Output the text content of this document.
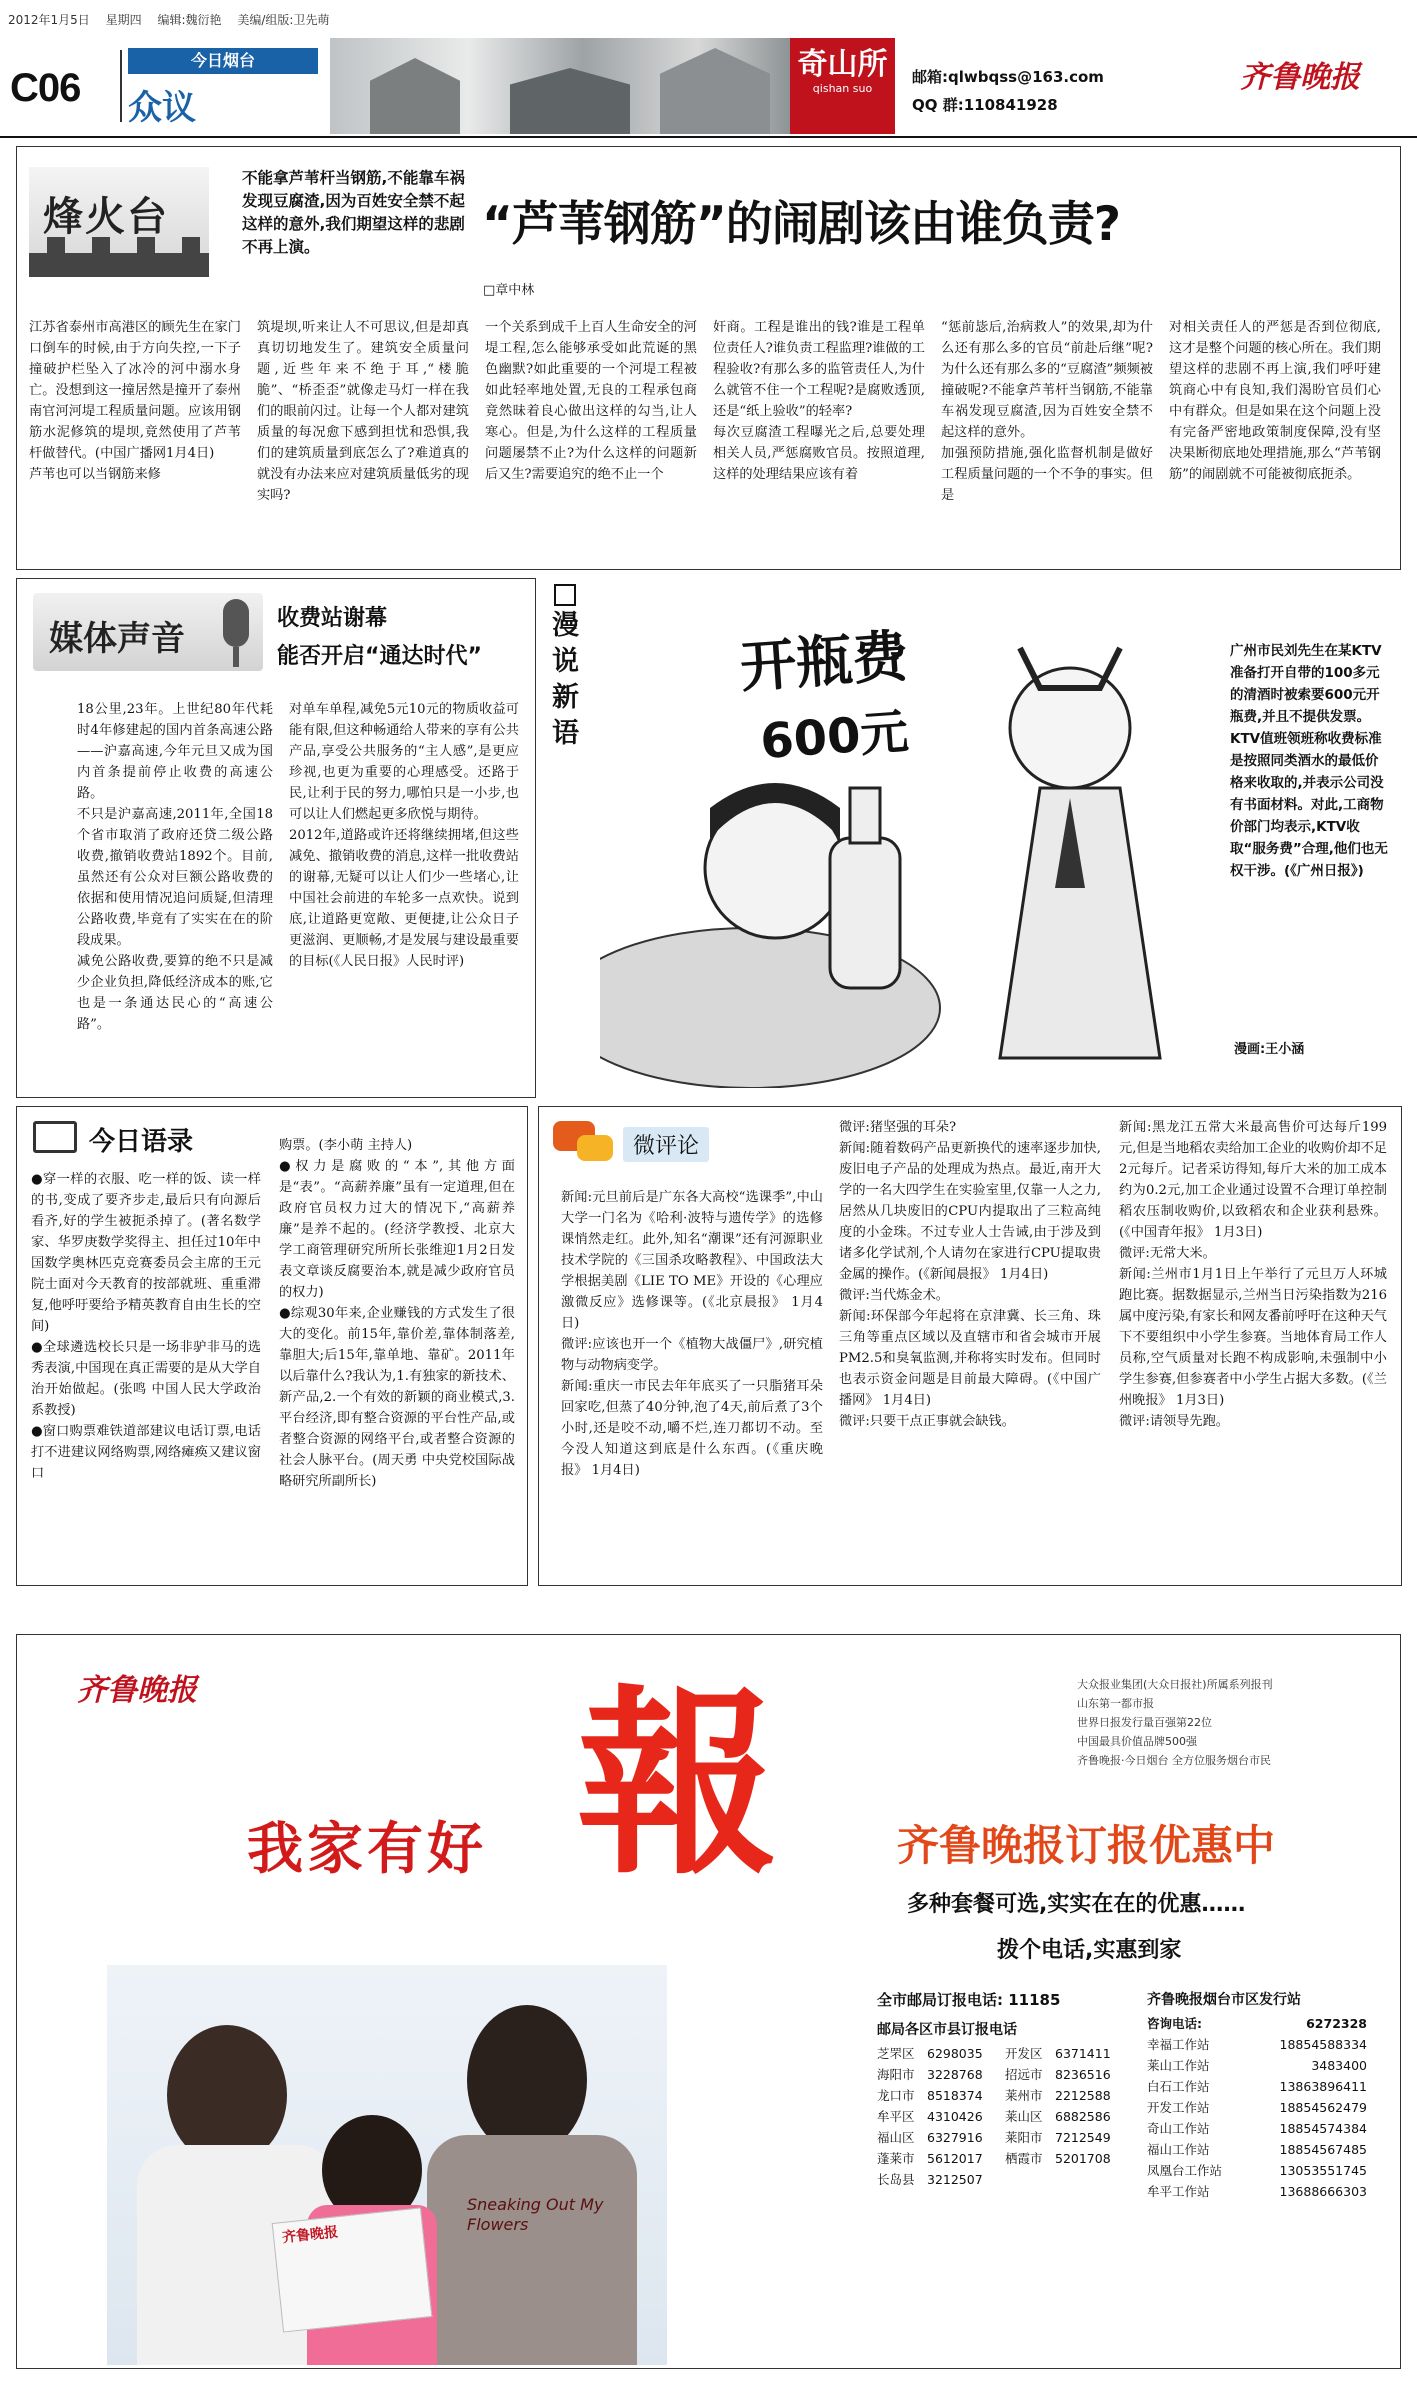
2012年1月5日 星期四 编辑:魏衍艳 美编/组版:卫先萌
C06
今日烟台
众议
奇山所
qishan suo
邮箱:qlwbqss@163.com
QQ 群:110841928
齐鲁晚报
烽火台
不能拿芦苇杆当钢筋,不能靠车祸发现豆腐渣,因为百姓安全禁不起这样的意外,我们期望这样的悲剧不再上演。	“芦苇钢筋”的闹剧该由谁负责?
□章中林
江苏省泰州市高港区的顾先生在家门口倒车的时候,由于方向失控,一下子撞破护栏坠入了冰冷的河中溺水身亡。没想到这一撞居然是撞开了泰州南官河河堤工程质量问题。应该用钢筋水泥修筑的堤坝,竟然使用了芦苇杆做替代。(中国广播网1月4日)
芦苇也可以当钢筋来修
筑堤坝,听来让人不可思议,但是却真真切切地发生了。建筑安全质量问题,近些年来不绝于耳,“楼脆脆”、“桥歪歪”就像走马灯一样在我们的眼前闪过。让每一个人都对建筑质量的每况愈下感到担忧和恐惧,我们的建筑质量到底怎么了?难道真的就没有办法来应对建筑质量低劣的现实吗?
一个关系到成千上百人生命安全的河堤工程,怎么能够承受如此荒诞的黑色幽默?如此重要的一个河堤工程被如此轻率地处置,无良的工程承包商竟然昧着良心做出这样的勾当,让人寒心。但是,为什么这样的工程质量问题屡禁不止?为什么这样的问题新后又生?需要追究的绝不止一个
奸商。工程是谁出的钱?谁是工程单位责任人?谁负责工程监理?谁做的工程验收?有那么多的监管责任人,为什么就管不住一个工程呢?是腐败透顶,还是“纸上验收”的轻率?
每次豆腐渣工程曝光之后,总要处理相关人员,严惩腐败官员。按照道理,这样的处理结果应该有着
“惩前毖后,治病救人”的效果,却为什么还有那么多的官员“前赴后继”呢?为什么还有那么多的“豆腐渣”频频被撞破呢?不能拿芦苇杆当钢筋,不能靠车祸发现豆腐渣,因为百姓安全禁不起这样的意外。
加强预防措施,强化监督机制是做好工程质量问题的一个不争的事实。但是
对相关责任人的严惩是否到位彻底,这才是整个问题的核心所在。我们期望这样的悲剧不再上演,我们呼吁建筑商心中有良知,我们渴盼官员们心中有群众。但是如果在这个问题上没有完备严密地政策制度保障,没有坚决果断彻底地处理措施,那么“芦苇钢筋”的闹剧就不可能被彻底扼杀。
媒体声音
收费站谢幕
能否开启“通达时代”
18公里,23年。上世纪80年代耗时4年修建起的国内首条高速公路——沪嘉高速,今年元旦又成为国内首条提前停止收费的高速公路。
不只是沪嘉高速,2011年,全国18个省市取消了政府还贷二级公路收费,撤销收费站1892个。目前,虽然还有公众对巨额公路收费的依据和使用情况追问质疑,但清理公路收费,毕竟有了实实在在的阶段成果。
减免公路收费,要算的绝不只是减少企业负担,降低经济成本的账,它也是一条通达民心的“高速公路”。
对单车单程,减免5元10元的物质收益可能有限,但这种畅通给人带来的享有公共产品,享受公共服务的“主人感”,是更应珍视,也更为重要的心理感受。还路于民,让利于民的努力,哪怕只是一小步,也可以让人们燃起更多欣悦与期待。
2012年,道路或许还将继续拥堵,但这些减免、撤销收费的消息,这样一批收费站的谢幕,无疑可以让人们少一些堵心,让中国社会前进的车轮多一点欢快。说到底,让道路更宽敞、更便捷,让公众日子更滋润、更顺畅,才是发展与建设最重要的目标(《人民日报》人民时评)
漫说新语
开瓶费
600元
广州市民刘先生在某KTV准备打开自带的100多元的清酒时被索要600元开瓶费,并且不提供发票。KTV值班领班称收费标准是按照同类酒水的最低价格来收取的,并表示公司没有书面材料。对此,工商物价部门均表示,KTV收取“服务费”合理,他们也无权干涉。(《广州日报》)
漫画:王小涵
今日语录
●穿一样的衣服、吃一样的饭、读一样的书,变成了要齐步走,最后只有向源后看齐,好的学生被扼杀掉了。(著名数学家、华罗庚数学奖得主、担任过10年中国数学奥林匹克竞赛委员会主席的王元院士面对今天教育的按部就班、重重滞复,他呼吁要给予精英教育自由生长的空间)
●全球遴选校长只是一场非驴非马的选秀表演,中国现在真正需要的是从大学自治开始做起。(张鸣 中国人民大学政治系教授)
●窗口购票难铁道部建议电话订票,电话打不进建议网络购票,网络瘫痪又建议窗口
购票。(李小萌 主持人)
●权力是腐败的“本”,其他方面是“表”。“高薪养廉”虽有一定道理,但在政府官员权力过大的情况下,“高薪养廉”是养不起的。(经济学教授、北京大学工商管理研究所所长张维迎1月2日发表文章谈反腐要治本,就是减少政府官员的权力)
●综观30年来,企业赚钱的方式发生了很大的变化。前15年,靠价差,靠体制落差,靠胆大;后15年,靠单地、靠矿。2011年以后靠什么?我认为,1.有独家的新技术、新产品,2.一个有效的新颖的商业模式,3.平台经济,即有整合资源的平台性产品,或者整合资源的网络平台,或者整合资源的社会人脉平台。(周天勇 中央党校国际战略研究所副所长)
微评论
新闻:元旦前后是广东各大高校“选课季”,中山大学一门名为《哈利·波特与遗传学》的选修课悄然走红。此外,知名“潮课”还有河源职业技术学院的《三国杀攻略教程》、中国政法大学根据美剧《LIE TO ME》开设的《心理应激微反应》选修课等。(《北京晨报》 1月4日)
微评:应该也开一个《植物大战僵尸》,研究植物与动物病变学。
新闻:重庆一市民去年年底买了一只脂猪耳朵回家吃,但蒸了40分钟,泡了4天,前后煮了3个小时,还是咬不动,嚼不烂,连刀都切不动。至今没人知道这到底是什么东西。(《重庆晚报》 1月4日)
微评:猪坚强的耳朵?
新闻:随着数码产品更新换代的速率逐步加快,废旧电子产品的处理成为热点。最近,南开大学的一名大四学生在实验室里,仅靠一人之力,居然从几块废旧的CPU内提取出了三粒高纯度的小金珠。不过专业人士告诫,由于涉及到诸多化学试剂,个人请勿在家进行CPU提取贵金属的操作。(《新闻晨报》 1月4日)
微评:当代炼金术。
新闻:环保部今年起将在京津冀、长三角、珠三角等重点区域以及直辖市和省会城市开展PM2.5和臭氧监测,并称将实时发布。但同时也表示资金问题是目前最大障碍。(《中国广播网》 1月4日)
微评:只要干点正事就会缺钱。
新闻:黑龙江五常大米最高售价可达每斤199元,但是当地稻农卖给加工企业的收购价却不足2元每斤。记者采访得知,每斤大米的加工成本约为0.2元,加工企业通过设置不合理订单控制稻农压制收购价,以致稻农和企业获利悬殊。(《中国青年报》 1月3日)
微评:无常大米。
新闻:兰州市1月1日上午举行了元旦万人环城跑比赛。据数据显示,兰州当日污染指数为216属中度污染,有家长和网友番前呼吁在这种天气下不要组织中小学生参赛。当地体育局工作人员称,空气质量对长跑不构成影响,未强制中小学生参赛,但参赛者中小学生占据大多数。(《兰州晚报》 1月3日)
微评:请领导先跑。
齐鲁晚报	大众报业集团(大众日报社)所属系列报刊
山东第一都市报
世界日报发行量百强第22位
中国最具价值品牌500强
齐鲁晚报·今日烟台 全方位服务烟台市民
我家有好 報	齐鲁晚报订报优惠中
多种套餐可选,实实在在的优惠……
拨个电话,实惠到家
Sneaking Out My Flowers
齐鲁晚报
全市邮局订报电话: 11185
邮局各区市县订报电话
芝罘区 6298035	开发区 6371411
海阳市 3228768	招远市 8236516
龙口市 8518374	莱州市 2212588
牟平区 4310426	莱山区 6882586
福山区 6327916	莱阳市 7212549
蓬莱市 5612017	栖霞市 5201708
长岛县 3212507
齐鲁晚报烟台市区发行站
咨询电话:	6272328
幸福工作站	18854588334
莱山工作站	3483400
白石工作站	13863896411
开发工作站	18854562479
奇山工作站	18854574384
福山工作站	18854567485
凤凰台工作站	13053551745
牟平工作站	13688666303
